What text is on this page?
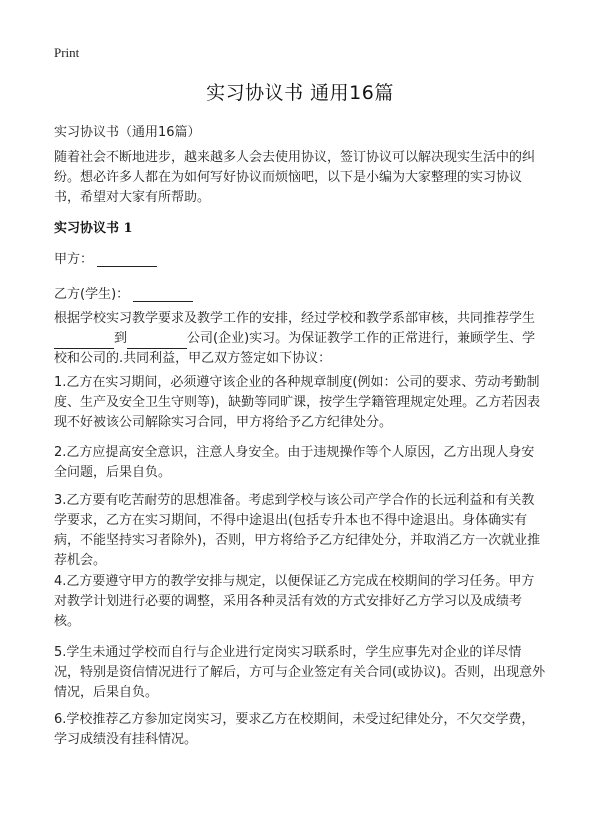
Print
实习协议书 通用16篇
实习协议书（通用16篇）

随着社会不断地进步，越来越多人会去使用协议，签订协议可以解决现实生活中的纠纷。想必许多人都在为如何写好协议而烦恼吧，以下是小编为大家整理的实习协议书，希望对大家有所帮助。

实习协议书 1
甲方：
乙方(学生)：

根据学校实习教学要求及教学工作的安排，经过学校和教学系部审核，共同推荐学生到	公司(企业)实习。为保证教学工作的正常进行，兼顾学生、学校和公司的.共同利益，甲乙双方签定如下协议：

1.乙方在实习期间，必须遵守该企业的各种规章制度(例如：公司的要求、劳动考勤制度、生产及安全卫生守则等)，缺勤等同旷课，按学生学籍管理规定处理。乙方若因表现不好被该公司解除实习合同，甲方将给予乙方纪律处分。

2.乙方应提高安全意识，注意人身安全。由于违规操作等个人原因，乙方出现人身安全问题，后果自负。

3.乙方要有吃苦耐劳的思想准备。考虑到学校与该公司产学合作的长远利益和有关教学要求，乙方在实习期间，不得中途退出(包括专升本也不得中途退出。身体确实有病，不能坚持实习者除外)，否则，甲方将给予乙方纪律处分，并取消乙方一次就业推荐机会。

4.乙方要遵守甲方的教学安排与规定，以便保证乙方完成在校期间的学习任务。甲方对教学计划进行必要的调整，采用各种灵活有效的方式安排好乙方学习以及成绩考核。

5.学生未通过学校而自行与企业进行定岗实习联系时，学生应事先对企业的详尽情况，特别是资信情况进行了解后，方可与企业签定有关合同(或协议)。否则，出现意外情况，后果自负。

6.学校推荐乙方参加定岗实习，要求乙方在校期间，未受过纪律处分，不欠交学费，学习成绩没有挂科情况。
